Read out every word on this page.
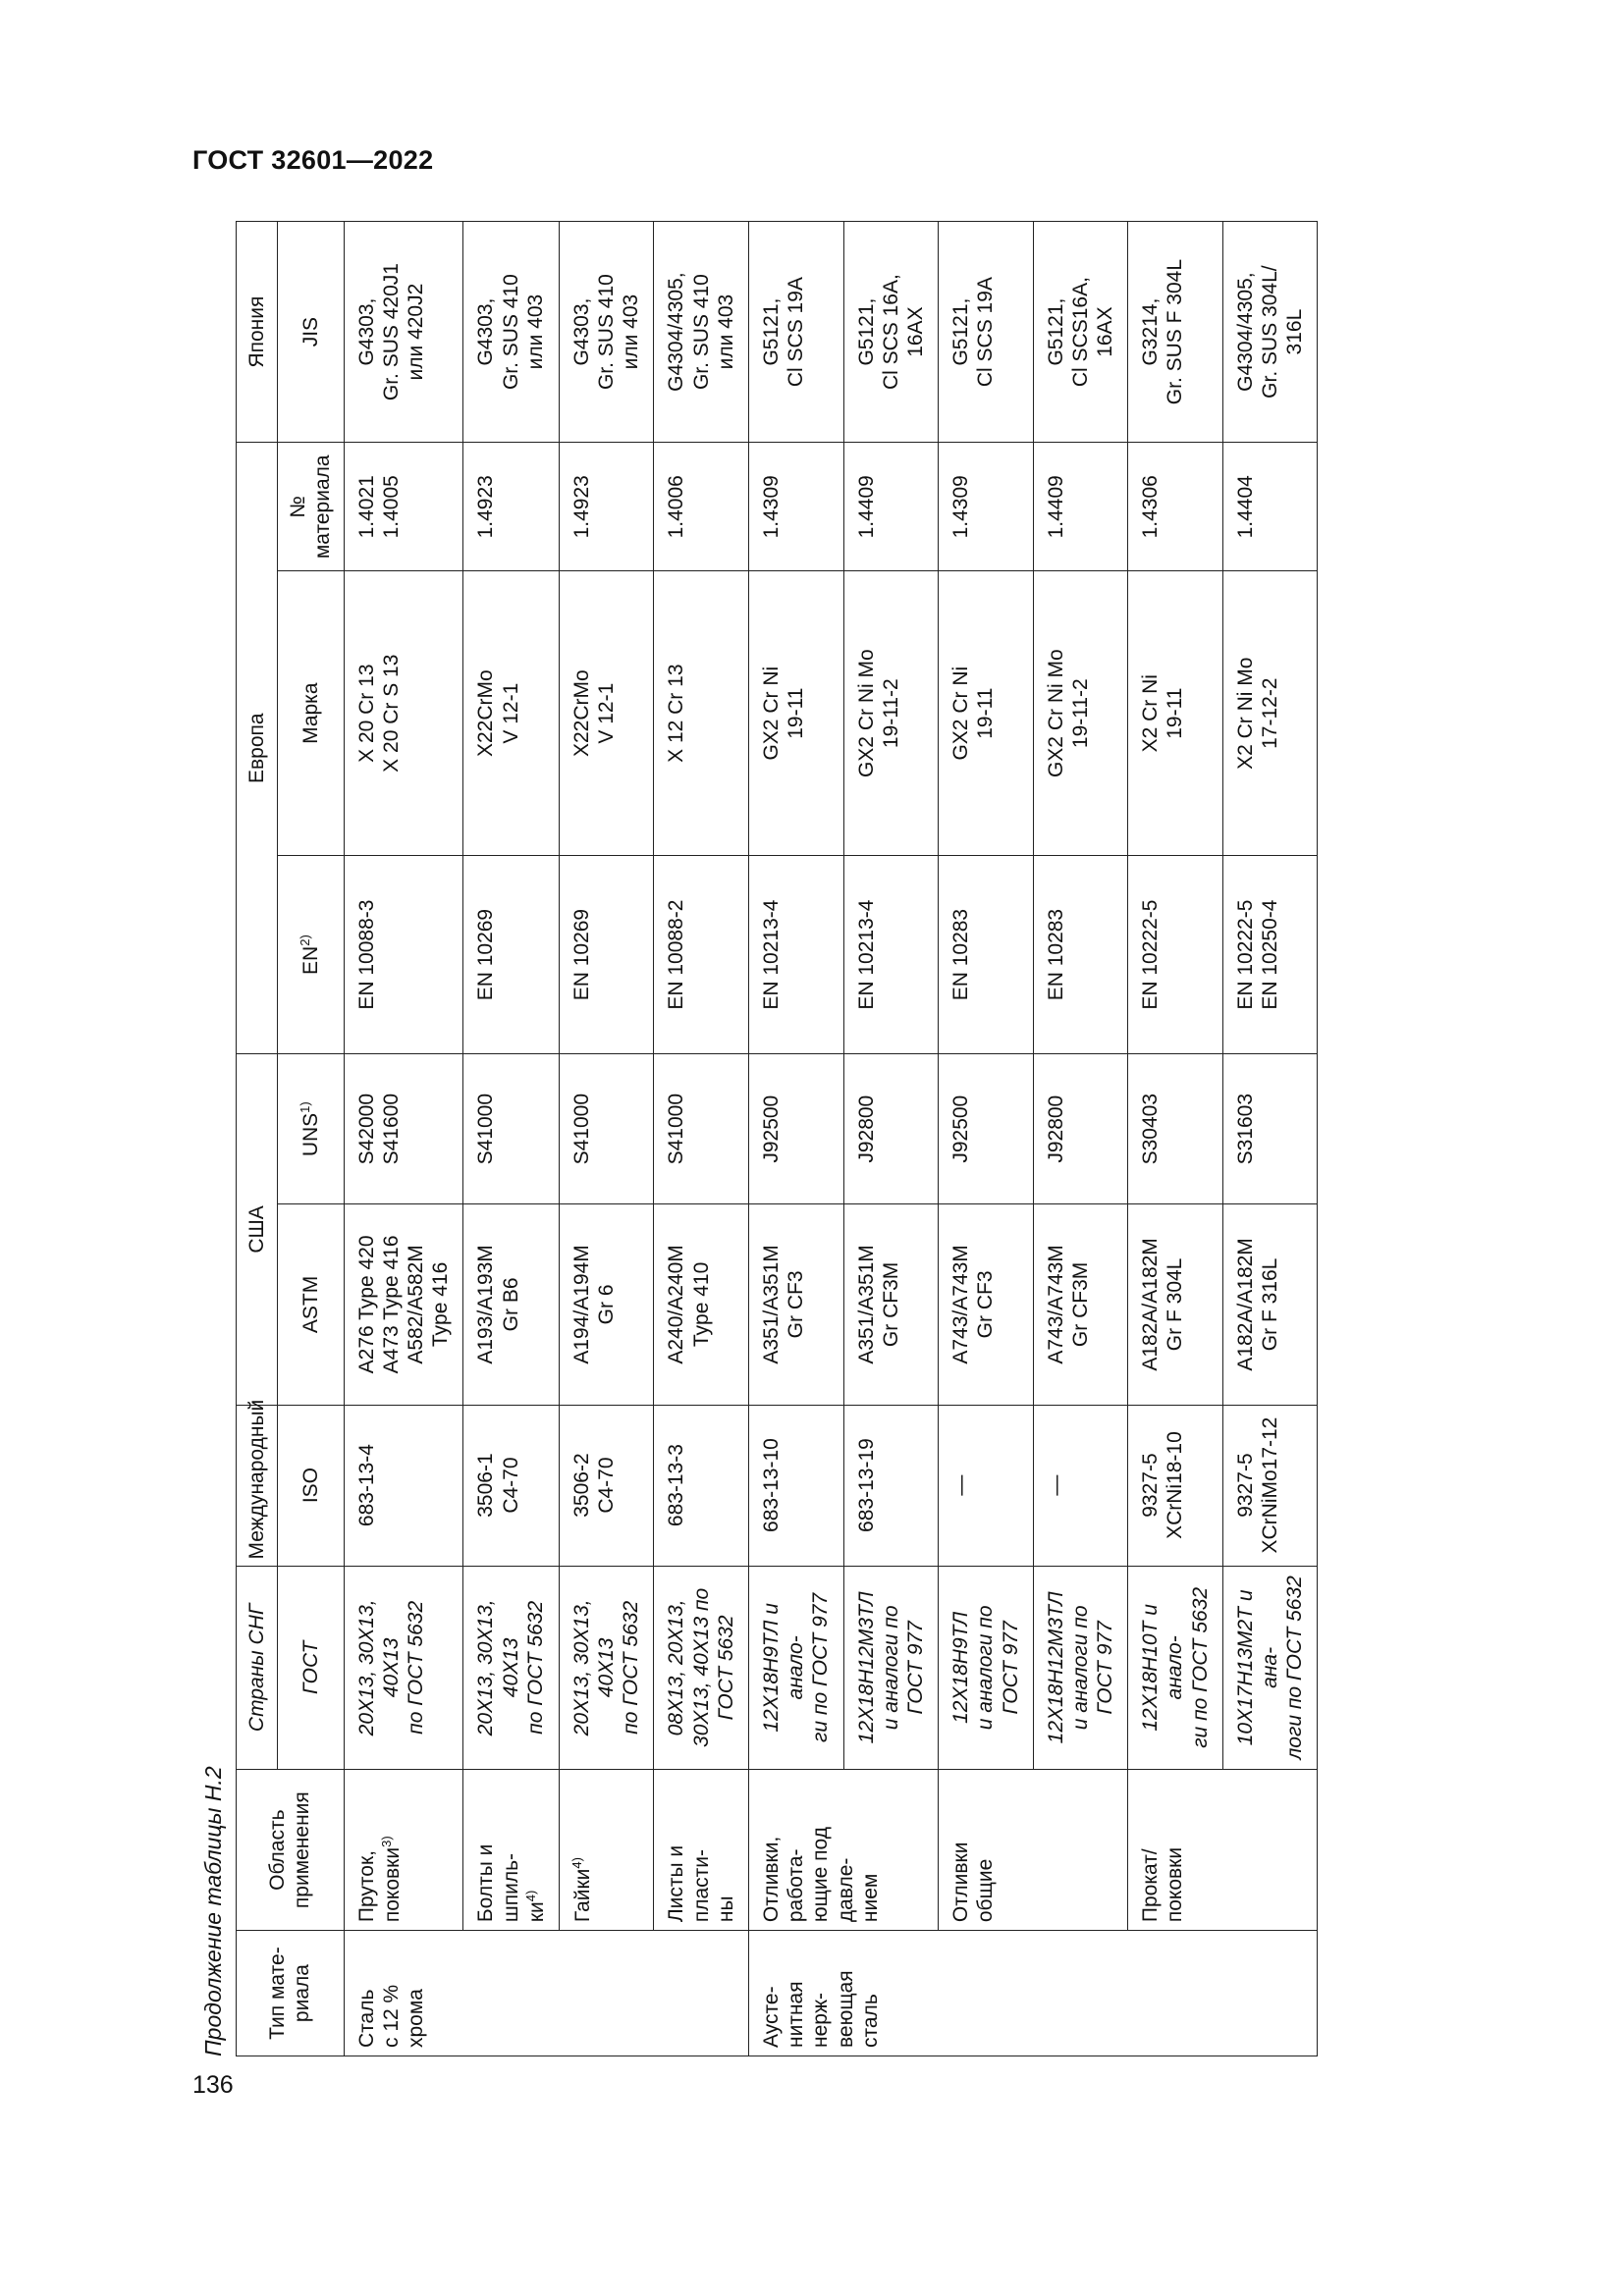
ГОСТ 32601—2022
Продолжение таблицы Н.2 Тип мате-
риала	Область
применения	Страны СНГ	Международный	США		Европа			Япония
		ГОСТ	ISO	ASTM	UNS$^{1)}$	EN$^{2)}$	Марка	№
материала	JIS

Сталь
с 12 %
хрома	Пруток, поковки$^{3)}$	20Х13, 30Х13, 40Х13
по ГОСТ 5632	683-13-4	A276 Type 420
A473 Type 416
A582/A582M
Type 416	S42000
S41600	EN 10088-3	X 20 Cr 13
X 20 Cr S 13	1.4021
1.4005	G4303,
Gr. SUS 420J1
или 420J2
	Болты и шпиль-
$ки^{4)}$	20Х13, 30Х13, 40Х13
по ГОСТ 5632	3506-1
C4-70	A193/A193M
Gr B6	S41000	EN 10269	X22CrMo
V 12-1	1.4923	G4303,
Gr. SUS 410
или 403
	Гайки$^{4)}$	20Х13, 30Х13, 40Х13
по ГОСТ 5632	3506-2
C4-70	A194/A194M
Gr 6	S41000	EN 10269	X22CrMo
V 12-1	1.4923	G4303,
Gr. SUS 410
или 403
	Листы и пласти-
ны	08Х13, 20Х13,
30Х13, 40Х13 по
ГОСТ 5632	683-13-3	A240/A240M
Type 410	S41000	EN 10088-2	X 12 Cr 13	1.4006	G4304/4305,
Gr. SUS 410
или 403
Аусте-
нитная
нерж-
веющая
сталь	Отливки, работа-
ющие под давле-
нием	12Х18Н9ТЛ и анало-
ги по ГОСТ 977	683-13-10	A351/A351M
Gr CF3	J92500	EN 10213-4	GX2 Cr Ni
19-11	1.4309	G5121,
Cl SCS 19A
		12Х18Н12М3ТЛ
и аналоги по
ГОСТ 977	683-13-19	A351/A351M
Gr CF3M	J92800	EN 10213-4	GX2 Cr Ni Mo
19-11-2	1.4409	G5121,
Cl SCS 16A,
16AX
	Отливки общие	12Х18Н9ТЛ
и аналоги по
ГОСТ 977	—	A743/A743M
Gr CF3	J92500	EN 10283	GX2 Cr Ni
19-11	1.4309	G5121,
Cl SCS 19A
		12Х18Н12М3ТЛ
и аналоги по
ГОСТ 977	—	A743/A743M
Gr CF3M	J92800	EN 10283	GX2 Cr Ni Mo
19-11-2	1.4409	G5121,
Cl SCS16A,
16AX
	Прокат/поковки	12Х18Н10Т и анало-
ги по ГОСТ 5632	9327-5
XCrNi18-10	A182A/A182M
Gr F 304L	S30403	EN 10222-5	X2 Cr Ni
19-11	1.4306	G3214,
Gr. SUS F 304L
		10Х17Н13М2Т и ана-
логи по ГОСТ 5632	9327-5
XCrNiMo17-12	A182A/A182M
Gr F 316L	S31603	EN 10222-5
EN 10250-4	X2 Cr Ni Mo
17-12-2	1.4404	G4304/4305,
Gr. SUS 304L/
316L
136
